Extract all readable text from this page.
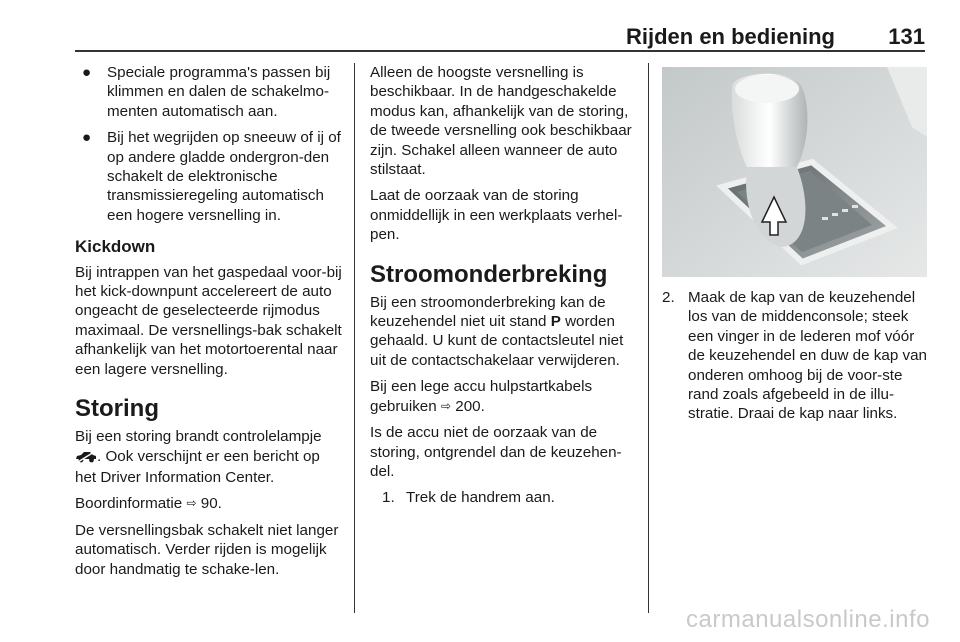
Rijden en bediening 131
● Speciale programma's passen bij klimmen en dalen de schakelmo-menten automatisch aan.
● Bij het wegrijden op sneeuw of ij of op andere gladde ondergron-den schakelt de elektronische transmissieregeling automatisch een hogere versnelling in.
Kickdown

Bij intrappen van het gaspedaal voor-bij het kick-downpunt accelereert de auto ongeacht de geselecteerde rijmodus maximaal. De versnellings-bak schakelt afhankelijk van het motortoerental naar een lagere versnelling.

Storing

Bij een storing brandt controlelampje . Ook verschijnt er een bericht op het Driver Information Center.

Boordinformatie ⇨ 90.

De versnellingsbak schakelt niet langer automatisch. Verder rijden is mogelijk door handmatig te schake-len.

Alleen de hoogste versnelling is beschikbaar. In de handgeschakelde modus kan, afhankelijk van de storing, de tweede versnelling ook beschikbaar zijn. Schakel alleen wanneer de auto stilstaat.

Laat de oorzaak van de storing onmiddellijk in een werkplaats verhel-pen.

Stroomonderbreking

Bij een stroomonderbreking kan de keuzehendel niet uit stand P worden gehaald. U kunt de contactsleutel niet uit de contactschakelaar verwijderen.

Bij een lege accu hulpstartkabels gebruiken ⇨ 200.

Is de accu niet de oorzaak van de storing, ontgrendel dan de keuzehen-del.

1. Trek de handrem aan.
2. Maak de kap van de keuzehendel los van de middenconsole; steek een vinger in de lederen mof vóór de keuzehendel en duw de kap van onderen omhoog bij de voor-ste rand zoals afgebeeld in de illu-stratie. Draai de kap naar links.
carmanualsonline.info
